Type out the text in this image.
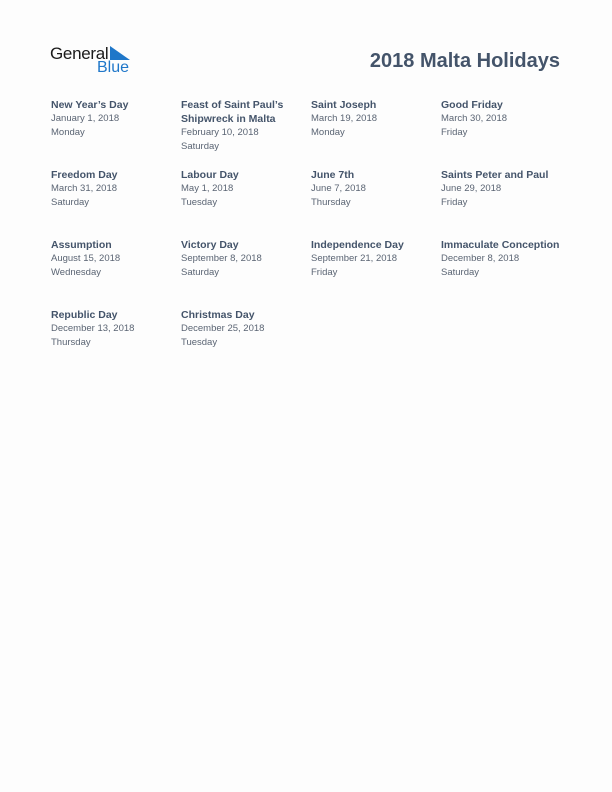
General
Blue	2018 Malta Holidays
New Year’s Day
January 1, 2018
Monday
Feast of Saint Paul’s Shipwreck in Malta
February 10, 2018
Saturday
Saint Joseph
March 19, 2018
Monday
Good Friday
March 30, 2018
Friday
Freedom Day
March 31, 2018
Saturday
Labour Day
May 1, 2018
Tuesday
June 7th
June 7, 2018
Thursday
Saints Peter and Paul
June 29, 2018
Friday
Assumption
August 15, 2018
Wednesday
Victory Day
September 8, 2018
Saturday
Independence Day
September 21, 2018
Friday
Immaculate Conception
December 8, 2018
Saturday
Republic Day
December 13, 2018
Thursday
Christmas Day
December 25, 2018
Tuesday
